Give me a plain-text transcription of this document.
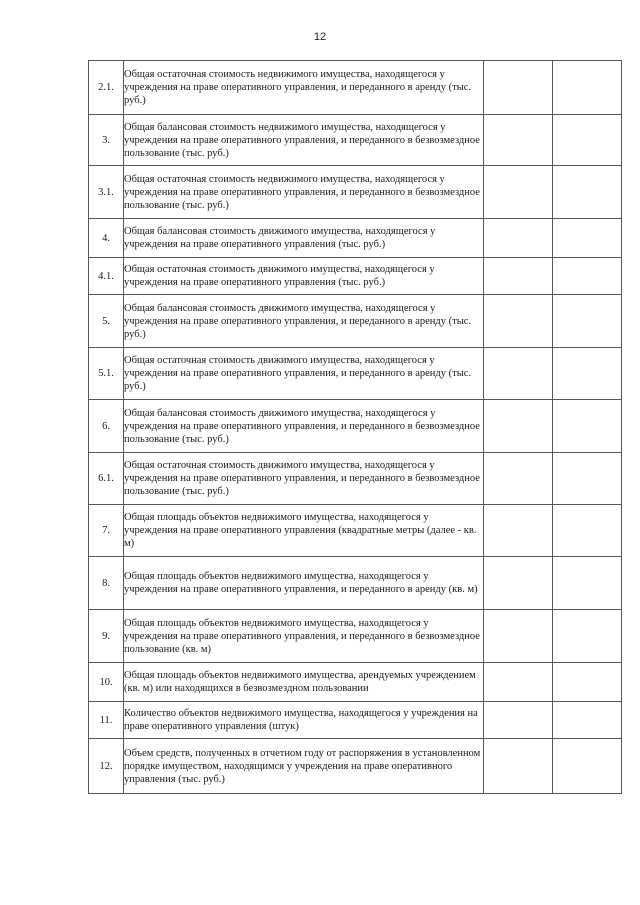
12
2.1.	Общая остаточная стоимость недвижимого имущества, находящегося у учреждения на праве оперативного управления, и переданного в аренду (тыс. руб.)		
3.	Общая балансовая стоимость недвижимого имущества, находящегося у учреждения на праве оперативного управления, и переданного в безвозмездное пользование (тыс. руб.)		
3.1.	Общая остаточная стоимость недвижимого имущества, находящегося у учреждения на праве оперативного управления, и переданного в безвозмездное пользование (тыс. руб.)		
4.	Общая балансовая стоимость движимого имущества, находящегося у учреждения на праве оперативного управления (тыс. руб.)		
4.1.	Общая остаточная стоимость движимого имущества, находящегося у учреждения на праве оперативного управления (тыс. руб.)		
5.	Общая балансовая стоимость движимого имущества, находящегося у учреждения на праве оперативного управления, и переданного в аренду (тыс. руб.)		
5.1.	Общая остаточная стоимость движимого имущества, находящегося у учреждения на праве оперативного управления, и переданного в аренду (тыс. руб.)		
6.	Общая балансовая стоимость движимого имущества, находящегося у учреждения на праве оперативного управления, и переданного в безвозмездное пользование (тыс. руб.)		
6.1.	Общая остаточная стоимость движимого имущества, находящегося у учреждения на праве оперативного управления, и переданного в безвозмездное пользование (тыс. руб.)		
7.	Общая площадь объектов недвижимого имущества, находящегося у учреждения на праве оперативного управления (квадратные метры (далее - кв. м)		
8.	Общая площадь объектов недвижимого имущества, находящегося у учреждения на праве оперативного управления, и переданного в аренду (кв. м)		
9.	Общая площадь объектов недвижимого имущества, находящегося у учреждения на праве оперативного управления, и переданного в безвозмездное пользование (кв. м)		
10.	Общая площадь объектов недвижимого имущества, арендуемых учреждением (кв. м) или находящихся в безвозмездном пользовании		
11.	Количество объектов недвижимого имущества, находящегося у учреждения на праве оперативного управления (штук)		
12.	Объем средств, полученных в отчетном году от распоряжения в установленном порядке имуществом, находящимся у учреждения на праве оперативного управления (тыс. руб.)		
